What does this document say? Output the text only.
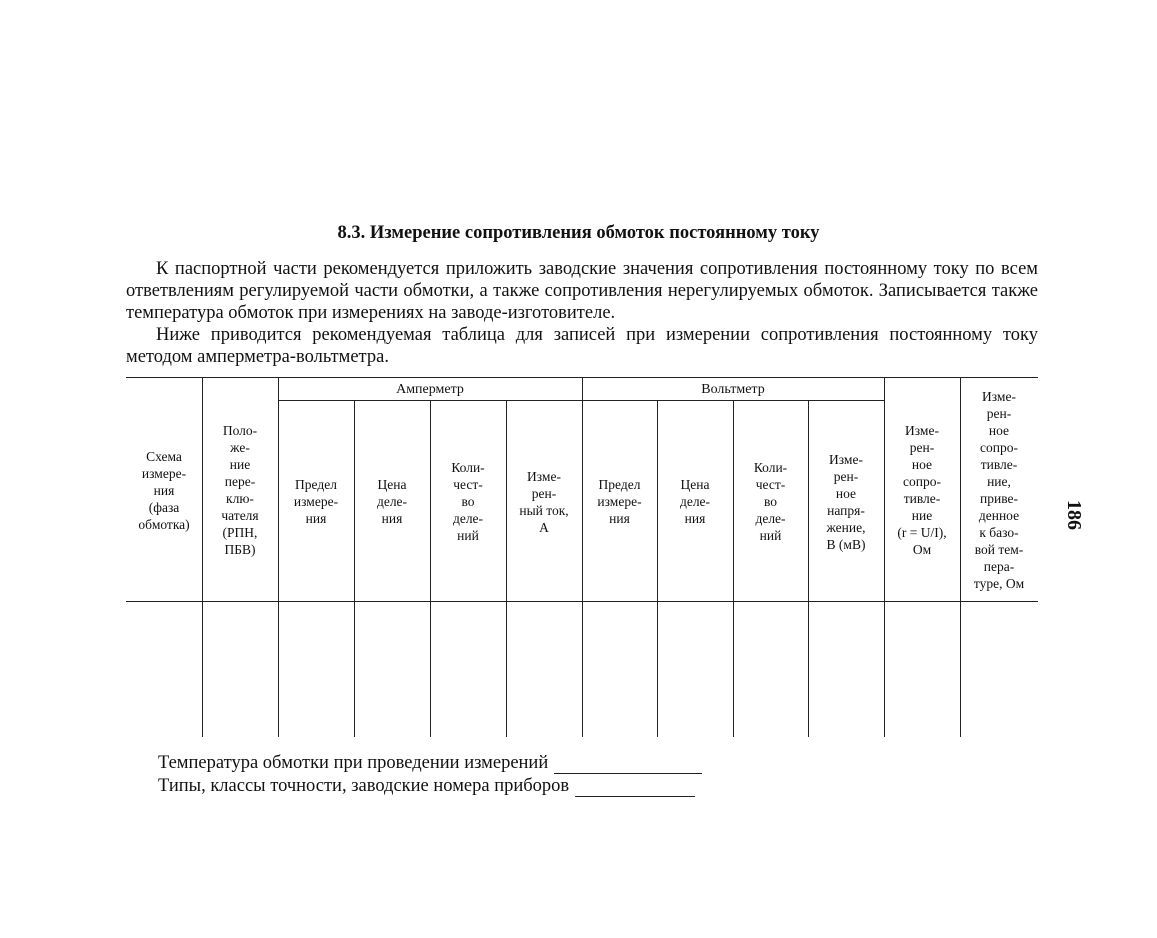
8.3. Измерение сопротивления обмоток постоянному току

К паспортной части рекомендуется приложить заводские значения сопротивления постоянному току по всем ответвлениям регулируемой части обмотки, а также сопротивления нерегулируемых обмоток. Записывается также температура обмоток при измерениях на заводе-изготовителе.

Ниже приводится рекомендуемая таблица для записей при измерении сопротивления постоянному току методом амперметра-вольтметра.

Амперметр	Вольтметр
Схема
измере-
ния
(фаза
обмотка)
Поло-
же-
ние
пере-
клю-
чателя
(РПН,
ПБВ)
Предел
измере-
ния
Цена
деле-
ния
Коли-
чест-
во
деле-
ний
Изме-
рен-
ный ток,
А
Предел
измере-
ния
Цена
деле-
ния
Коли-
чест-
во
деле-
ний
Изме-
рен-
ное
напря-
жение,
В (мВ)
Изме-
рен-
ное
сопро-
тивле-
ние
(r = U/I),
Ом
Изме-
рен-
ное
сопро-
тивле-
ние,
приве-
денное
к базо-
вой тем-
пера-
туре, Ом
186
Температура обмотки при проведении измерений
Типы, классы точности, заводские номера приборов
